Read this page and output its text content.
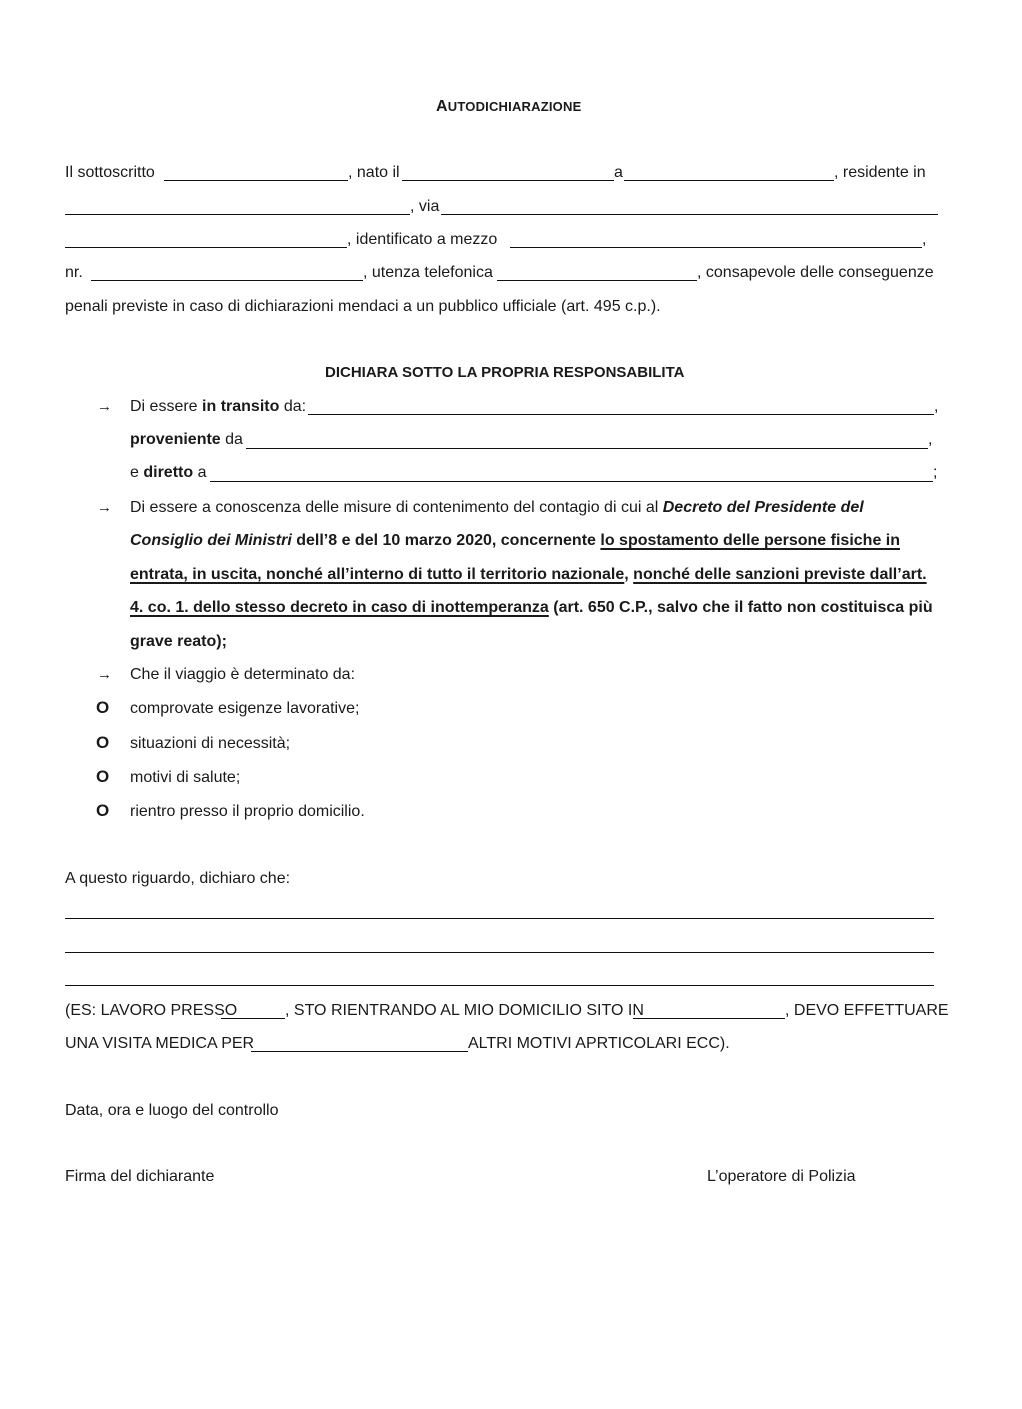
AUTODICHIARAZIONE
Il sottoscritto	, nato il	a	, residente in
, via
, identificato a mezzo	,
nr.	, utenza telefonica	, consapevole delle conseguenze
penali previste in caso di dichiarazioni mendaci a un pubblico ufficiale (art. 495 c.p.).
DICHIARA SOTTO LA PROPRIA RESPONSABILITA
→ Di essere in transito da:	,
proveniente da	,
e diretto a	;
→ Di essere a conoscenza delle misure di contenimento del contagio di cui al Decreto del Presidente del
Consiglio dei Ministri dell’8 e del 10 marzo 2020, concernente lo spostamento delle persone fisiche in
entrata, in uscita, nonché all’interno di tutto il territorio nazionale, nonché delle sanzioni previste dall’art.
4. co. 1. dello stesso decreto in caso di inottemperanza (art. 650 C.P., salvo che il fatto non costituisca più
grave reato);
→ Che il viaggio è determinato da:
O comprovate esigenze lavorative;
O situazioni di necessità;
O motivi di salute;
O rientro presso il proprio domicilio.
A questo riguardo, dichiaro che:
(ES: LAVORO PRESSO	, STO RIENTRANDO AL MIO DOMICILIO SITO IN	, DEVO EFFETTUARE
UNA VISITA MEDICA PER	ALTRI MOTIVI APRTICOLARI ECC).
Data, ora e luogo del controllo
Firma del dichiarante	L’operatore di Polizia
